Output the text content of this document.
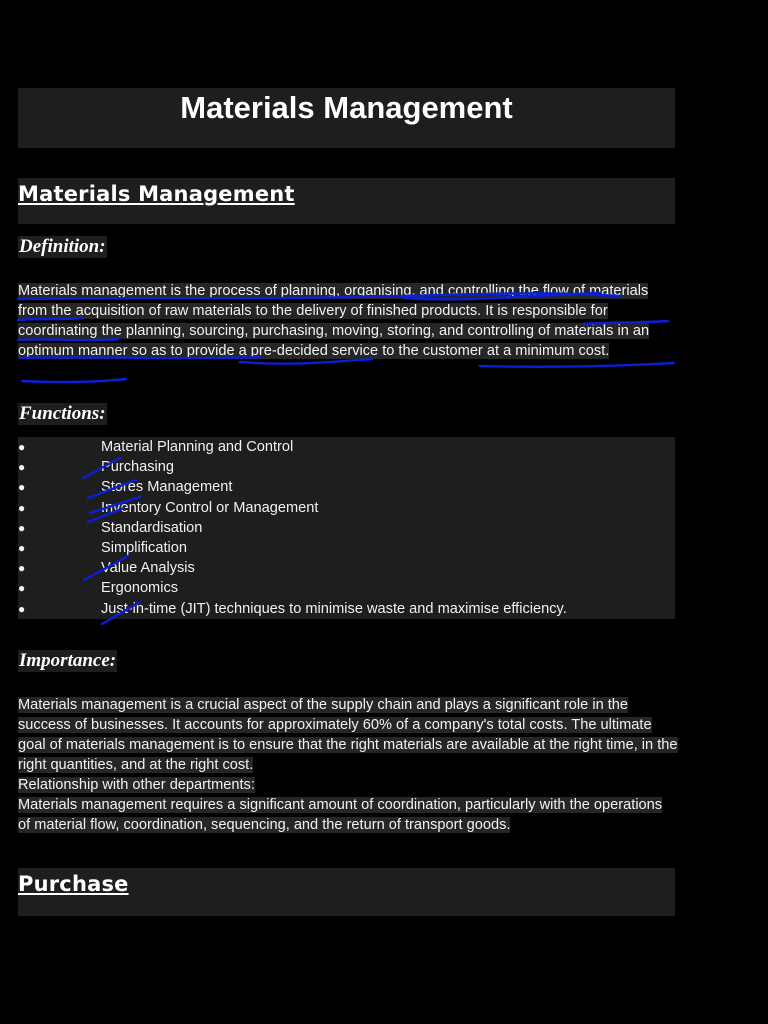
Materials Management
Materials Management
Definition:
Materials management is the process of planning, organising, and controlling the flow of materials from the acquisition of raw materials to the delivery of finished products. It is responsible for coordinating the planning, sourcing, purchasing, moving, storing, and controlling of materials in an optimum manner so as to provide a pre-decided service to the customer at a minimum cost.
Functions:
●	Material Planning and Control
●	Purchasing
●	Stores Management
●	Inventory Control or Management
●	Standardisation
●	Simplification
●	Value Analysis
●	Ergonomics
●	Just-in-time (JIT) techniques to minimise waste and maximise efficiency.
Importance:
Materials management is a crucial aspect of the supply chain and plays a significant role in the success of businesses. It accounts for approximately 60% of a company's total costs. The ultimate goal of materials management is to ensure that the right materials are available at the right time, in the right quantities, and at the right cost.
Relationship with other departments:
Materials management requires a significant amount of coordination, particularly with the operations of material flow, coordination, sequencing, and the return of transport goods.
Purchase
